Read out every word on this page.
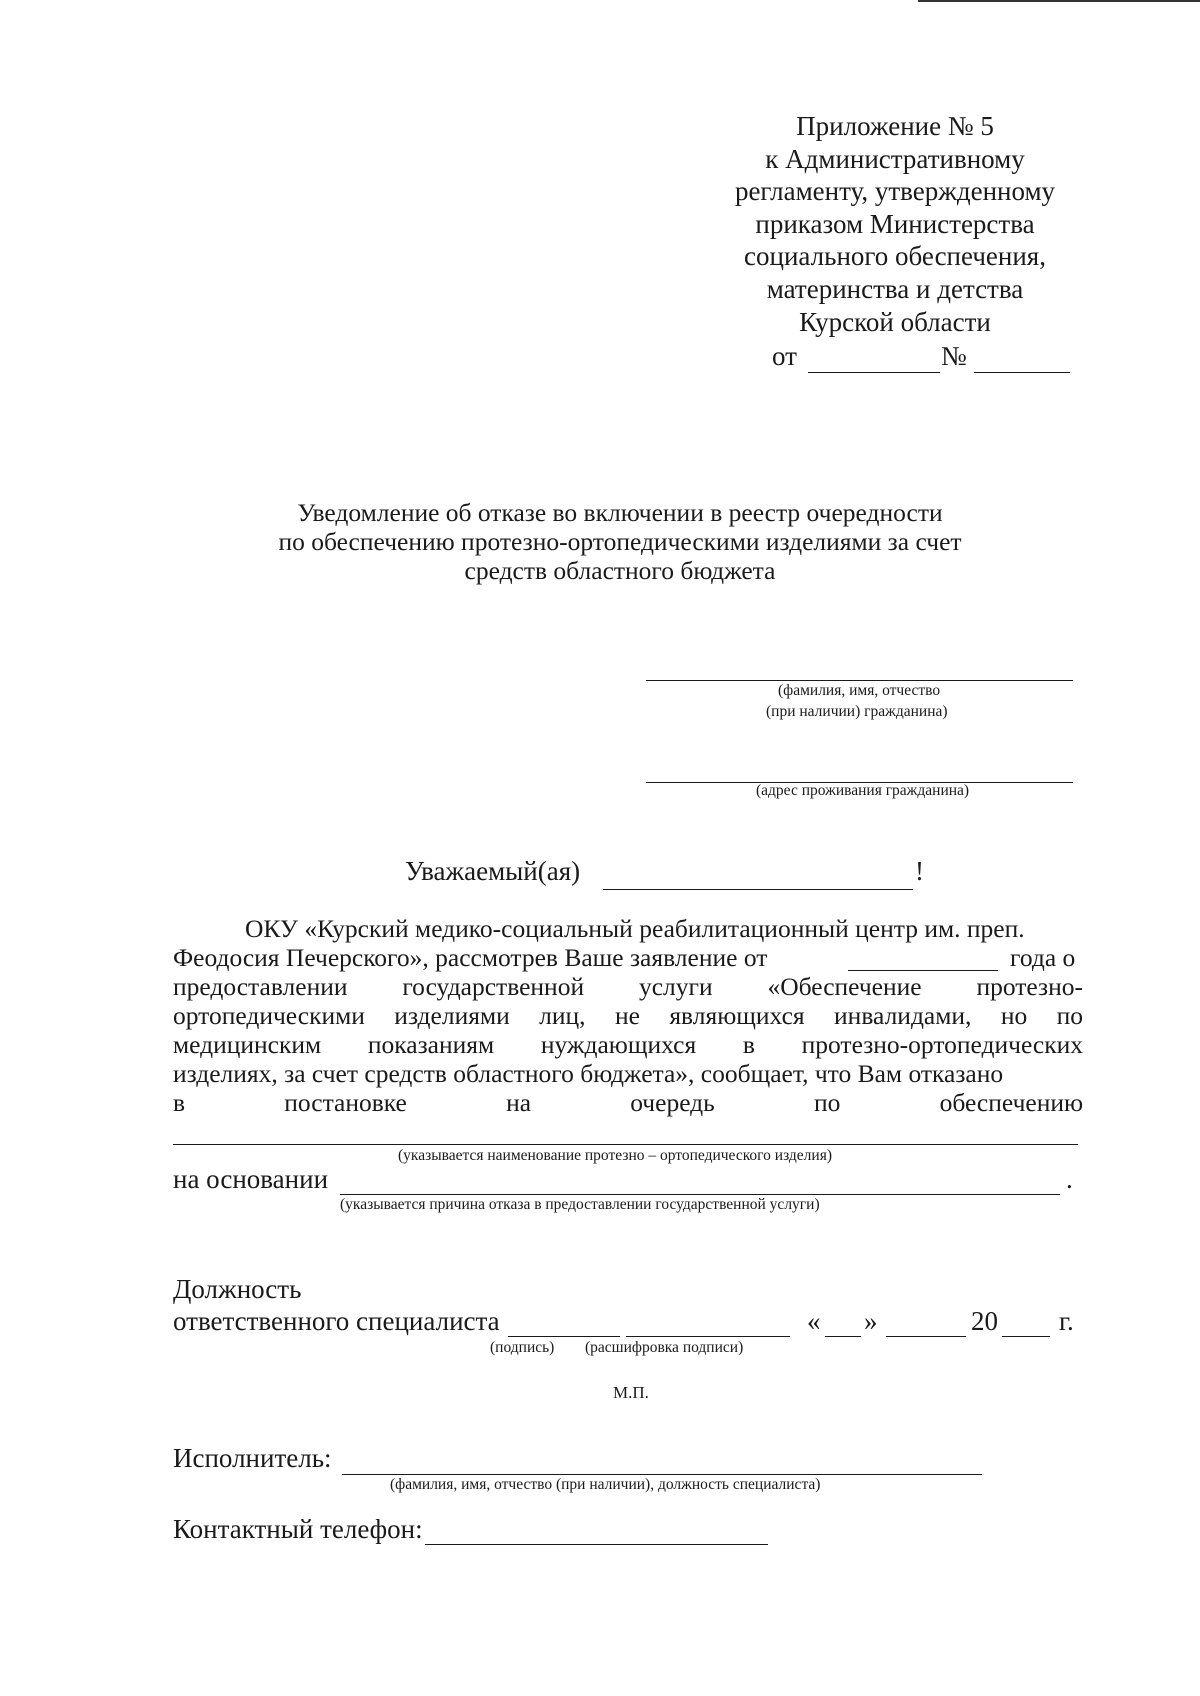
Приложение № 5
к Административному
регламенту, утвержденному
приказом Министерства
социального обеспечения,
материнства и детства
Курской области
от	№
Уведомление об отказе во включении в реестр очередности
по обеспечению протезно-ортопедическими изделиями за счет
средств областного бюджета
(фамилия, имя, отчество
(при наличии) гражданина)
(адрес проживания гражданина)
Уважаемый(ая)	!
ОКУ «Курский медико-социальный реабилитационный центр им. преп.
Феодосия Печерского», рассмотрев Ваше заявление от	года о
предоставлении государственной услуги «Обеспечение протезно-
ортопедическими изделиями лиц, не являющихся инвалидами, но по
медицинским показаниям нуждающихся в протезно-ортопедических
изделиях, за счет средств областного бюджета», сообщает, что Вам отказано
в	постановке	на	очередь	по	обеспечению
(указывается наименование протезно – ортопедического изделия)
на основании	.
(указывается причина отказа в предоставлении государственной услуги)
Должность
ответственного специалиста	« »	20 г.
(подпись) (расшифровка подписи)
М.П.
Исполнитель:
(фамилия, имя, отчество (при наличии), должность специалиста)
Контактный телефон:
